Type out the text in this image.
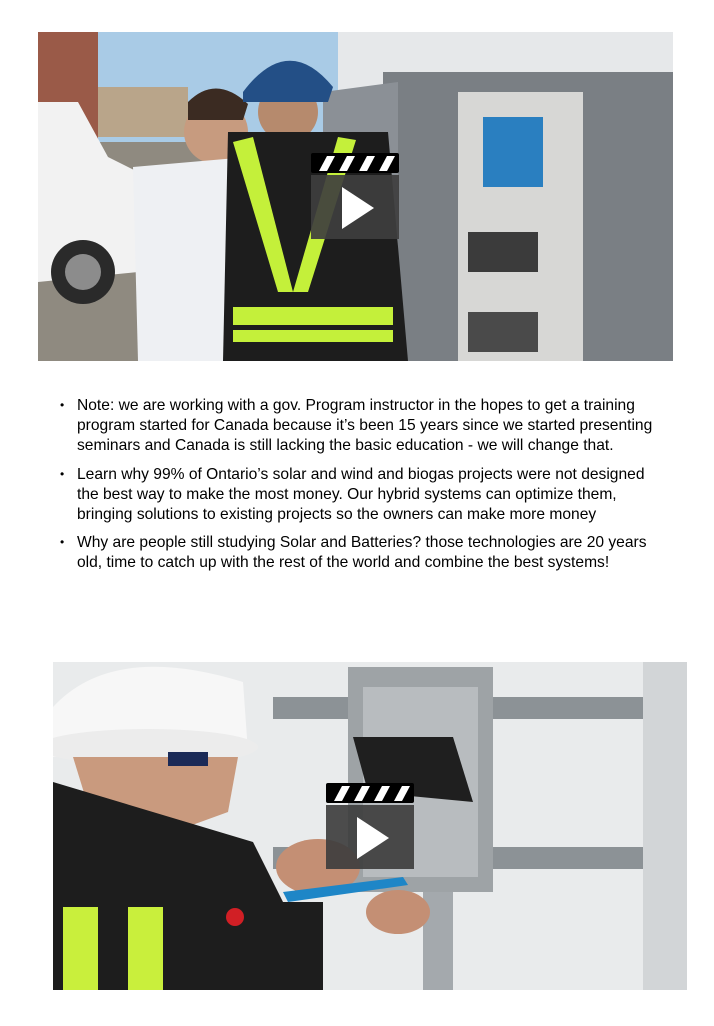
• Note: we are working with a gov. Program instructor in the hopes to get a training program started for Canada because it’s been 15 years since we started presenting seminars and Canada is still lacking the basic education - we will change that.
• Learn why 99% of Ontario’s solar and wind and biogas projects were not designed the best way to make the most money. Our hybrid systems can optimize them, bringing solutions to existing projects so the owners can make more money
• Why are people still studying Solar and Batteries? those technologies are 20 years old, time to catch up with the rest of the world and combine the best systems!
